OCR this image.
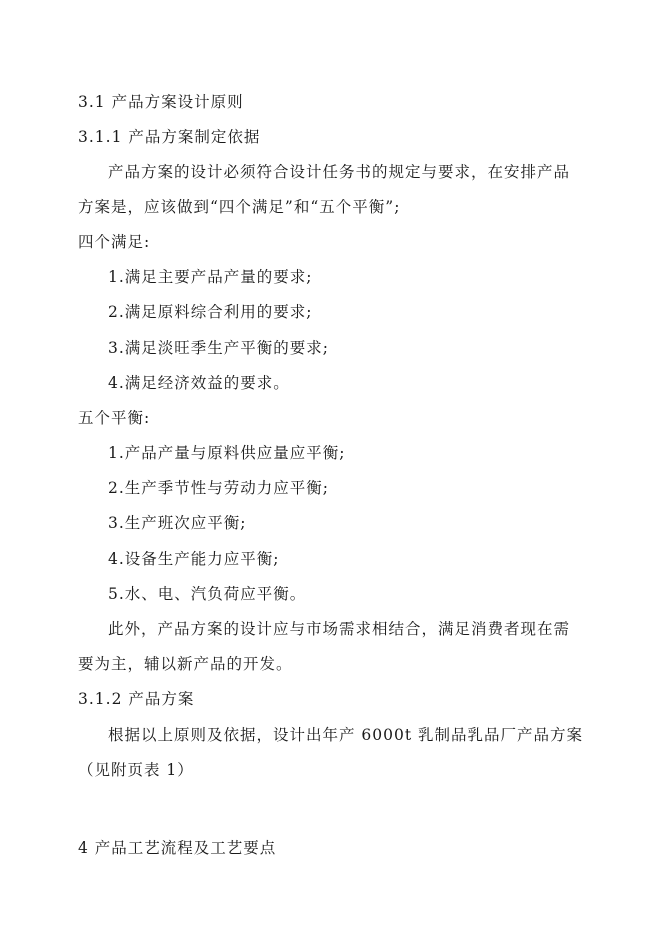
3.1 产品方案设计原则
3.1.1 产品方案制定依据
产品方案的设计必须符合设计任务书的规定与要求，在安排产品
方案是，应该做到“四个满足”和“五个平衡”;
四个满足:
1.满足主要产品产量的要求;
2.满足原料综合利用的要求;
3.满足淡旺季生产平衡的要求;
4.满足经济效益的要求。
五个平衡:
1.产品产量与原料供应量应平衡;
2.生产季节性与劳动力应平衡;
3.生产班次应平衡;
4.设备生产能力应平衡;
5.水、电、汽负荷应平衡。
此外，产品方案的设计应与市场需求相结合，满足消费者现在需
要为主，辅以新产品的开发。
3.1.2 产品方案
根据以上原则及依据，设计出年产 6000t 乳制品乳品厂产品方案
（见附页表 1）
4 产品工艺流程及工艺要点
